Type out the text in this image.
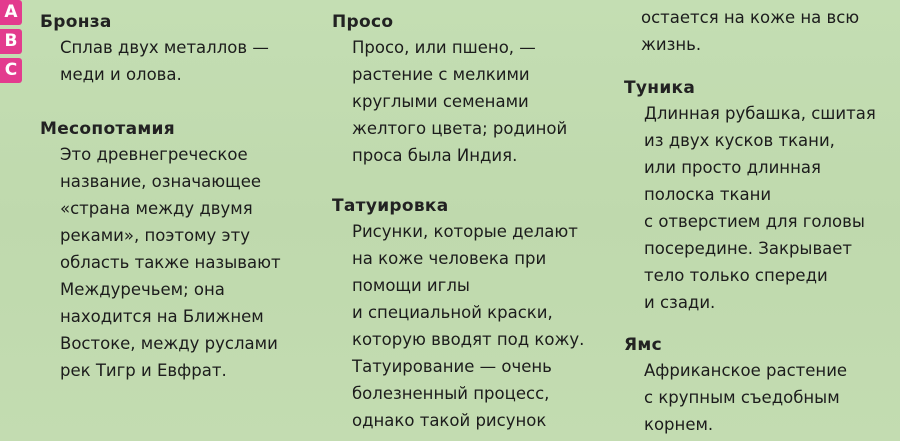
A
B
C
Бронза
Сплав двух металлов —
меди и олова.
Месопотамия
Это древнегреческое
название, означающее
«страна между двумя
реками», поэтому эту
область также называют
Междуречьем; она
находится на Ближнем
Востоке, между руслами
рек Тигр и Евфрат.
Просо
Просо, или пшено, —
растение с мелкими
круглыми семенами
желтого цвета; родиной
проса была Индия.
Татуировка
Рисунки, которые делают
на коже человека при
помощи иглы
и специальной краски,
которую вводят под кожу.
Татуирование — очень
болезненный процесс,
однако такой рисунок
остается на коже на всю
жизнь.
Туника
Длинная рубашка, сшитая
из двух кусков ткани,
или просто длинная
полоска ткани
с отверстием для головы
посередине. Закрывает
тело только спереди
и сзади.
Ямс
Африканское растение
с крупным съедобным
корнем.
